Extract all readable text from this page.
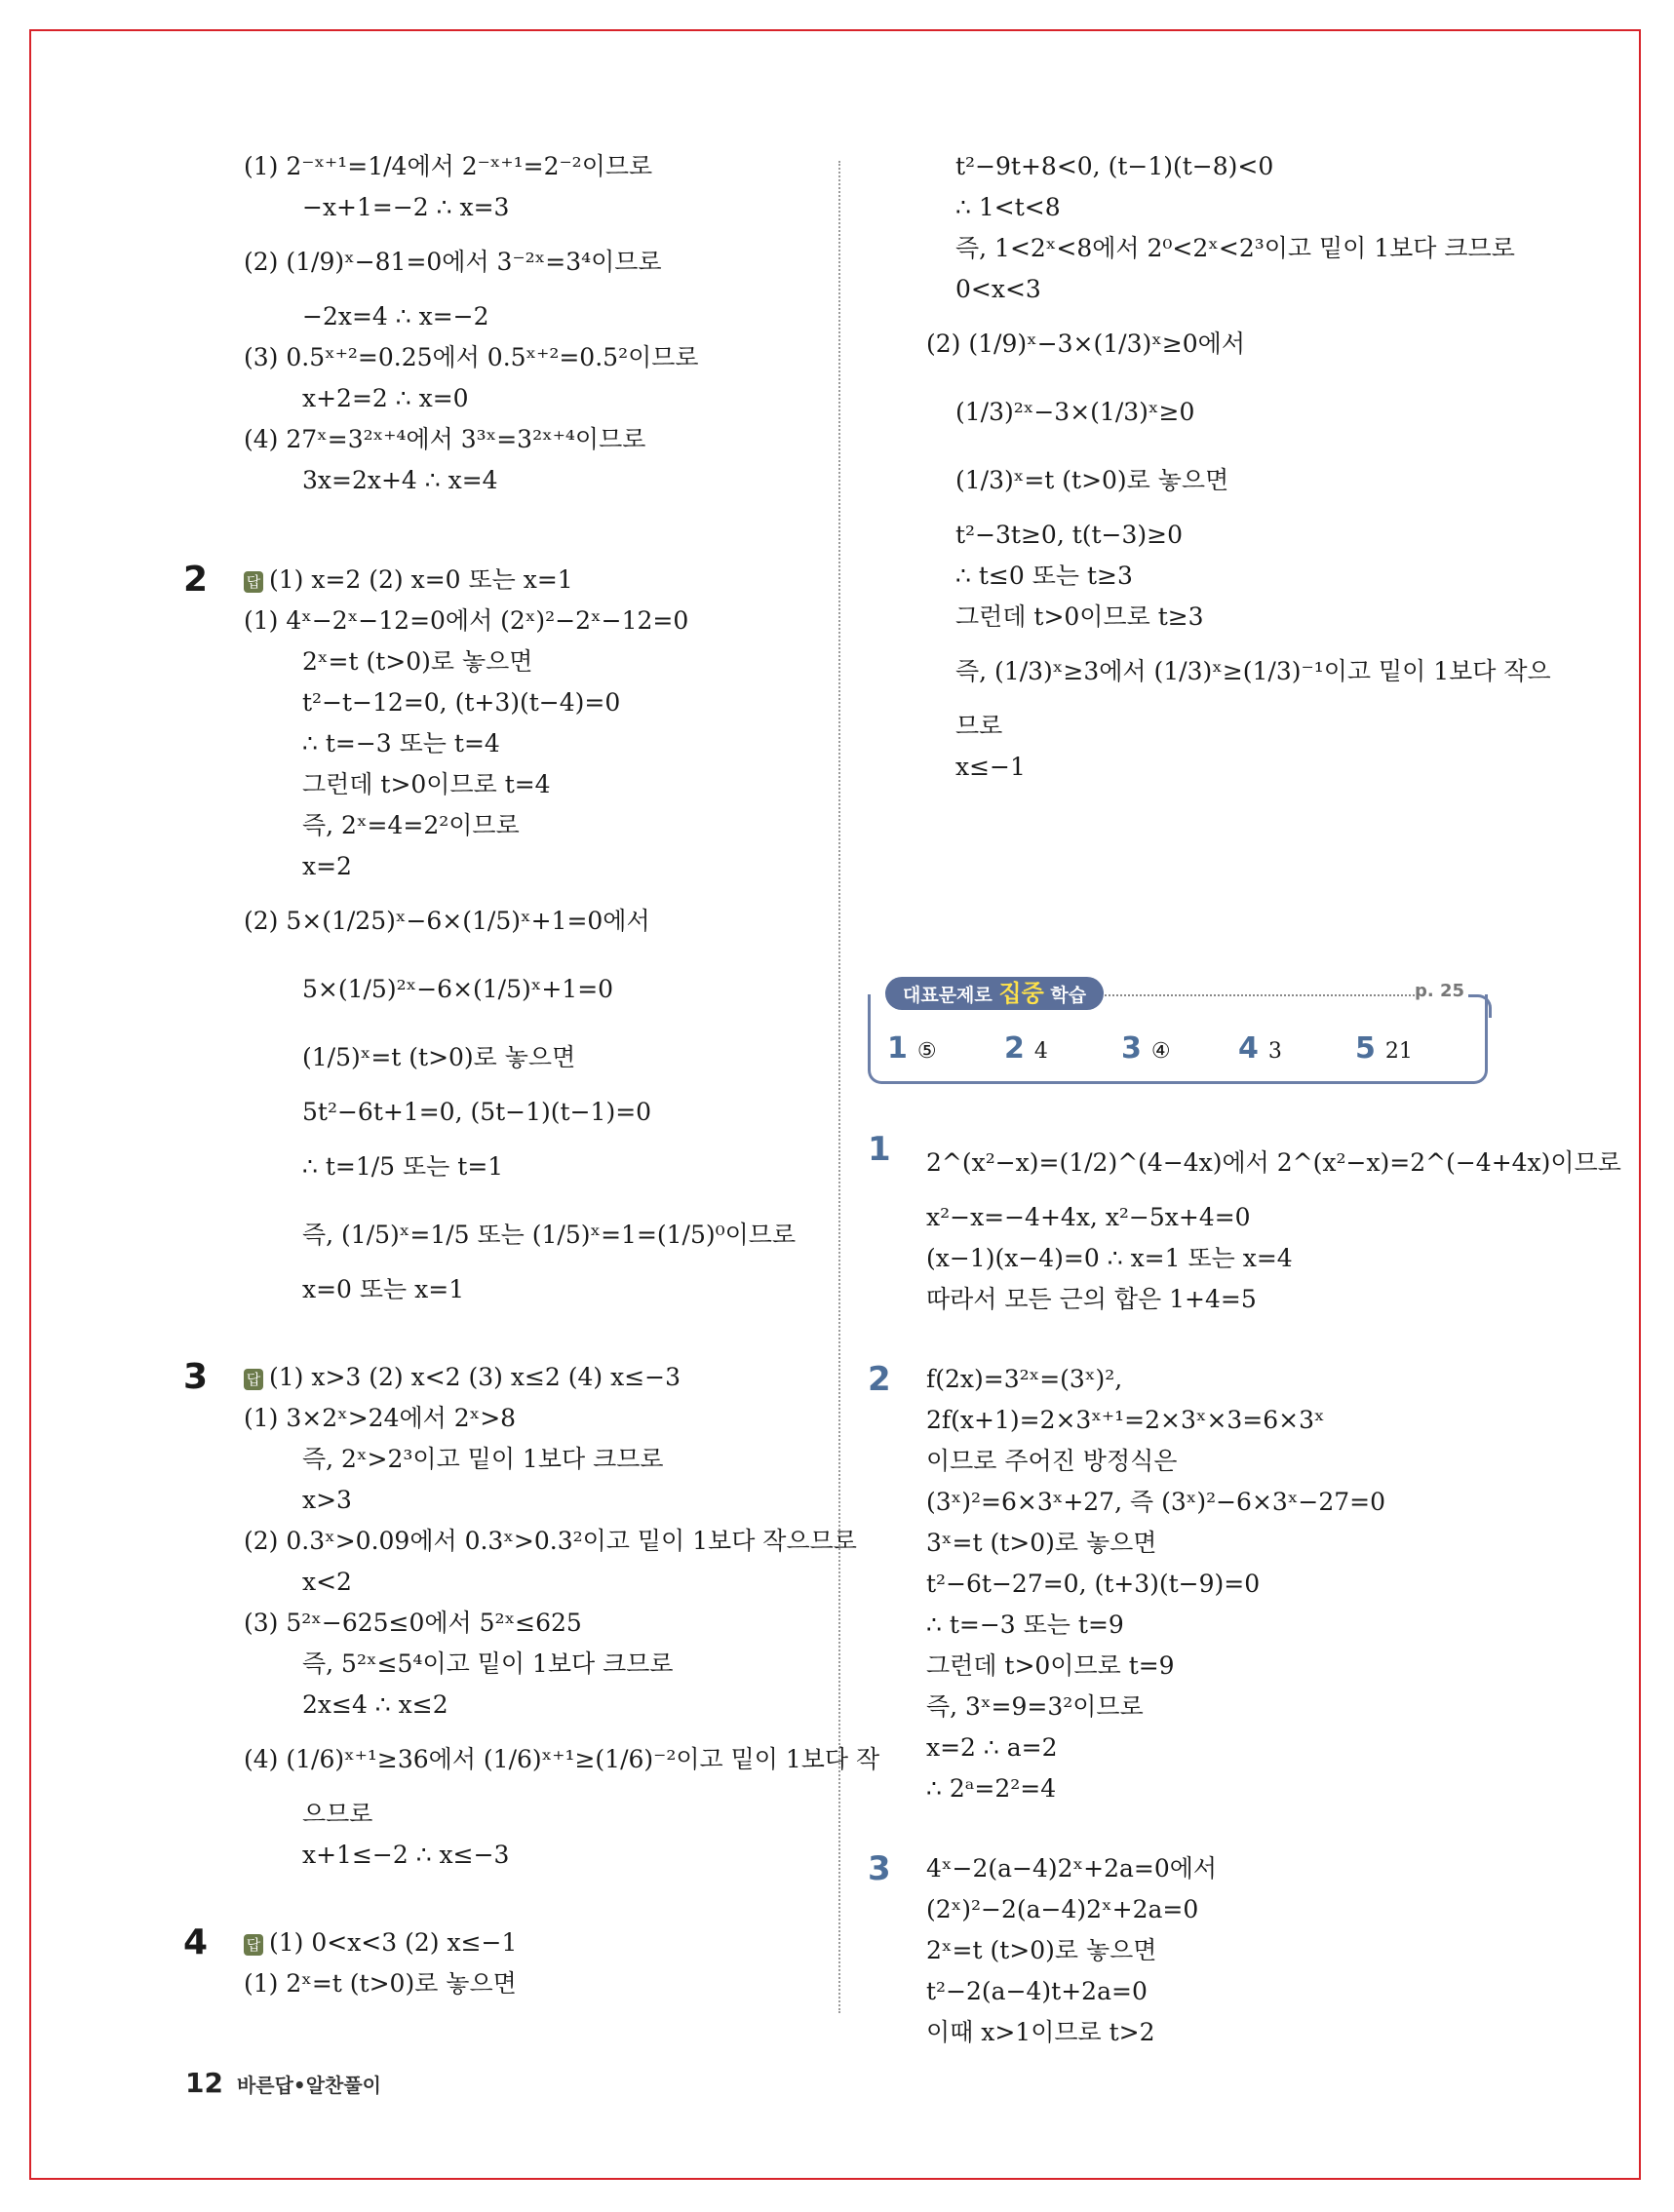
(1) 2⁻ˣ⁺¹=1/4에서 2⁻ˣ⁺¹=2⁻²이므로
−x+1=−2 ∴ x=3
(2) (1/9)ˣ−81=0에서 3⁻²ˣ=3⁴이므로
−2x=4 ∴ x=−2
(3) 0.5ˣ⁺²=0.25에서 0.5ˣ⁺²=0.5²이므로
x+2=2 ∴ x=0
(4) 27ˣ=3²ˣ⁺⁴에서 3³ˣ=3²ˣ⁺⁴이므로
3x=2x+4 ∴ x=4
2	답 (1) x=2 (2) x=0 또는 x=1
(1) 4ˣ−2ˣ−12=0에서 (2ˣ)²−2ˣ−12=0
2ˣ=t (t>0)로 놓으면
t²−t−12=0, (t+3)(t−4)=0
∴ t=−3 또는 t=4
그런데 t>0이므로 t=4
즉, 2ˣ=4=2²이므로
x=2
(2) 5×(1/25)ˣ−6×(1/5)ˣ+1=0에서
5×(1/5)²ˣ−6×(1/5)ˣ+1=0
(1/5)ˣ=t (t>0)로 놓으면
5t²−6t+1=0, (5t−1)(t−1)=0
∴ t=1/5 또는 t=1
즉, (1/5)ˣ=1/5 또는 (1/5)ˣ=1=(1/5)⁰이므로
x=0 또는 x=1
3	답 (1) x>3 (2) x<2 (3) x≤2 (4) x≤−3
(1) 3×2ˣ>24에서 2ˣ>8
즉, 2ˣ>2³이고 밑이 1보다 크므로
x>3
(2) 0.3ˣ>0.09에서 0.3ˣ>0.3²이고 밑이 1보다 작으므로
x<2
(3) 5²ˣ−625≤0에서 5²ˣ≤625
즉, 5²ˣ≤5⁴이고 밑이 1보다 크므로
2x≤4 ∴ x≤2
(4) (1/6)ˣ⁺¹≥36에서 (1/6)ˣ⁺¹≥(1/6)⁻²이고 밑이 1보다 작
으므로
x+1≤−2 ∴ x≤−3
4	답 (1) 0<x<3 (2) x≤−1
(1) 2ˣ=t (t>0)로 놓으면
t²−9t+8<0, (t−1)(t−8)<0
∴ 1<t<8
즉, 1<2ˣ<8에서 2⁰<2ˣ<2³이고 밑이 1보다 크므로
0<x<3
(2) (1/9)ˣ−3×(1/3)ˣ≥0에서
(1/3)²ˣ−3×(1/3)ˣ≥0
(1/3)ˣ=t (t>0)로 놓으면
t²−3t≥0, t(t−3)≥0
∴ t≤0 또는 t≥3
그런데 t>0이므로 t≥3
즉, (1/3)ˣ≥3에서 (1/3)ˣ≥(1/3)⁻¹이고 밑이 1보다 작으
므로
x≤−1
대표문제로 집중 학습	p. 25
1 ⑤	2 4	3 ④	4 3	5 21
1 2^(x²−x)=(1/2)^(4−4x)에서 2^(x²−x)=2^(−4+4x)이므로
x²−x=−4+4x, x²−5x+4=0
(x−1)(x−4)=0 ∴ x=1 또는 x=4
따라서 모든 근의 합은 1+4=5
2 f(2x)=3²ˣ=(3ˣ)²,
2f(x+1)=2×3ˣ⁺¹=2×3ˣ×3=6×3ˣ
이므로 주어진 방정식은
(3ˣ)²=6×3ˣ+27, 즉 (3ˣ)²−6×3ˣ−27=0
3ˣ=t (t>0)로 놓으면
t²−6t−27=0, (t+3)(t−9)=0
∴ t=−3 또는 t=9
그런데 t>0이므로 t=9
즉, 3ˣ=9=3²이므로
x=2 ∴ a=2
∴ 2ᵃ=2²=4
3 4ˣ−2(a−4)2ˣ+2a=0에서
(2ˣ)²−2(a−4)2ˣ+2a=0
2ˣ=t (t>0)로 놓으면
t²−2(a−4)t+2a=0
이때 x>1이므로 t>2
12 바른답•알찬풀이
